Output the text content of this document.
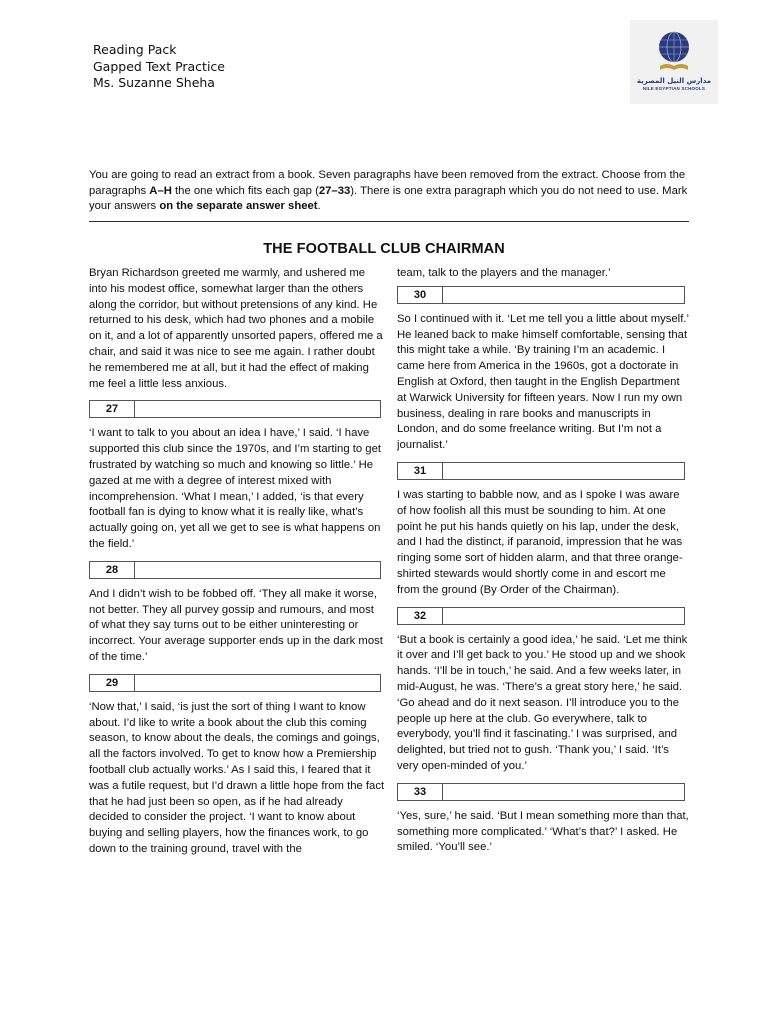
Reading Pack
Gapped Text Practice
Ms. Suzanne Sheha	مدارس النيل المصرية
NILE EGYPTIAN SCHOOLS
You are going to read an extract from a book. Seven paragraphs have been removed from the extract. Choose from the paragraphs A–H the one which fits each gap (27–33). There is one extra paragraph which you do not need to use. Mark your answers on the separate answer sheet.
THE FOOTBALL CLUB CHAIRMAN

Bryan Richardson greeted me warmly, and ushered me into his modest office, somewhat larger than the others along the corridor, but without pretensions of any kind. He returned to his desk, which had two phones and a mobile on it, and a lot of apparently unsorted papers, offered me a chair, and said it was nice to see me again. I rather doubt he remembered me at all, but it had the effect of making me feel a little less anxious.

27

‘I want to talk to you about an idea I have,’ I said. ‘I have supported this club since the 1970s, and I’m starting to get frustrated by watching so much and knowing so little.’ He gazed at me with a degree of interest mixed with incomprehension. ‘What I mean,’ I added, ‘is that every football fan is dying to know what it is really like, what’s actually going on, yet all we get to see is what happens on the field.’

28

And I didn’t wish to be fobbed off. ‘They all make it worse, not better. They all purvey gossip and rumours, and most of what they say turns out to be either uninteresting or incorrect. Your average supporter ends up in the dark most of the time.’

29

‘Now that,’ I said, ‘is just the sort of thing I want to know about. I’d like to write a book about the club this coming season, to know about the deals, the comings and goings, all the factors involved. To get to know how a Premiership football club actually works.’ As I said this, I feared that it was a futile request, but I’d drawn a little hope from the fact that he had just been so open, as if he had already decided to consider the project. ‘I want to know about buying and selling players, how the finances work, to go down to the training ground, travel with the

team, talk to the players and the manager.’

30

So I continued with it. ‘Let me tell you a little about myself.’ He leaned back to make himself comfortable, sensing that this might take a while. ‘By training I’m an academic. I came here from America in the 1960s, got a doctorate in English at Oxford, then taught in the English Department at Warwick University for fifteen years. Now I run my own business, dealing in rare books and manuscripts in London, and do some freelance writing. But I’m not a journalist.’

31

I was starting to babble now, and as I spoke I was aware of how foolish all this must be sounding to him. At one point he put his hands quietly on his lap, under the desk, and I had the distinct, if paranoid, impression that he was ringing some sort of hidden alarm, and that three orange-shirted stewards would shortly come in and escort me from the ground (By Order of the Chairman).

32

‘But a book is certainly a good idea,’ he said. ‘Let me think it over and I’ll get back to you.’ He stood up and we shook hands. ‘I’ll be in touch,’ he said. And a few weeks later, in mid-August, he was. ‘There’s a great story here,’ he said. ‘Go ahead and do it next season. I’ll introduce you to the people up here at the club. Go everywhere, talk to everybody, you’ll find it fascinating.’ I was surprised, and delighted, but tried not to gush. ‘Thank you,’ I said. ‘It’s very open-minded of you.’

33

‘Yes, sure,’ he said. ‘But I mean something more than that, something more complicated.’ ‘What’s that?’ I asked. He smiled. ‘You’ll see.’
